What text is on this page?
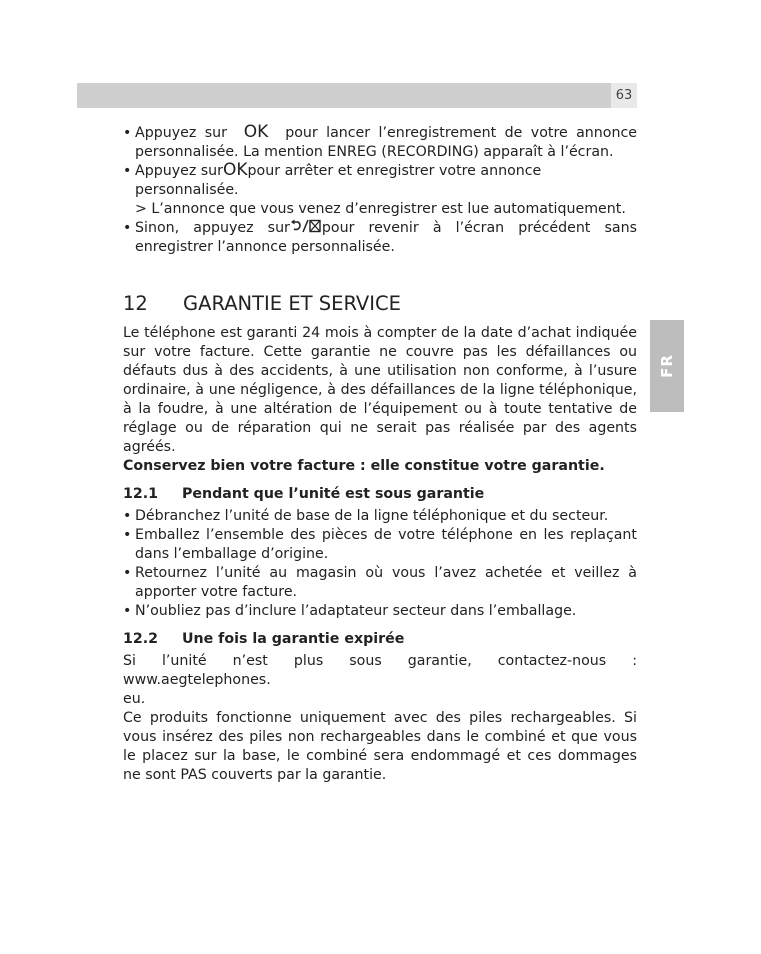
63
FR
• Appuyez sur OK pour lancer l’enregistrement de votre annonce personnalisée. La mention ENREG (RECORDING) apparaît à l’écran.
• Appuyez surOKpour arrêter et enregistrer votre annonce personnalisée.
> L’annonce que vous venez d’enregistrer est lue automatiquement.
• Sinon, appuyez sur pour revenir à l’écran précédent sans enregistrer l’annonce personnalisée.
12 GARANTIE ET SERVICE

Le téléphone est garanti 24 mois à compter de la date d’achat indiquée sur votre facture. Cette garantie ne couvre pas les défaillances ou défauts dus à des accidents, à une utilisation non conforme, à l’usure ordinaire, à une négligence, à des défaillances de la ligne téléphonique, à la foudre, à une altération de l’équipement ou à toute tentative de réglage ou de réparation qui ne serait pas réalisée par des agents agréés.

Conservez bien votre facture : elle constitue votre garantie.

12.1 Pendant que l’unité est sous garantie
• Débranchez l’unité de base de la ligne téléphonique et du secteur.
• Emballez l’ensemble des pièces de votre téléphone en les replaçant dans l’emballage d’origine.
• Retournez l’unité au magasin où vous l’avez achetée et veillez à apporter votre facture.
• N’oubliez pas d’inclure l’adaptateur secteur dans l’emballage.
12.2 Une fois la garantie expirée

Si l’unité n’est plus sous garantie, contactez-nous : www.aegtelephones.

eu.

Ce produits fonctionne uniquement avec des piles rechargeables. Si vous insérez des piles non rechargeables dans le combiné et que vous le placez sur la base, le combiné sera endommagé et ces dommages ne sont PAS couverts par la garantie.
